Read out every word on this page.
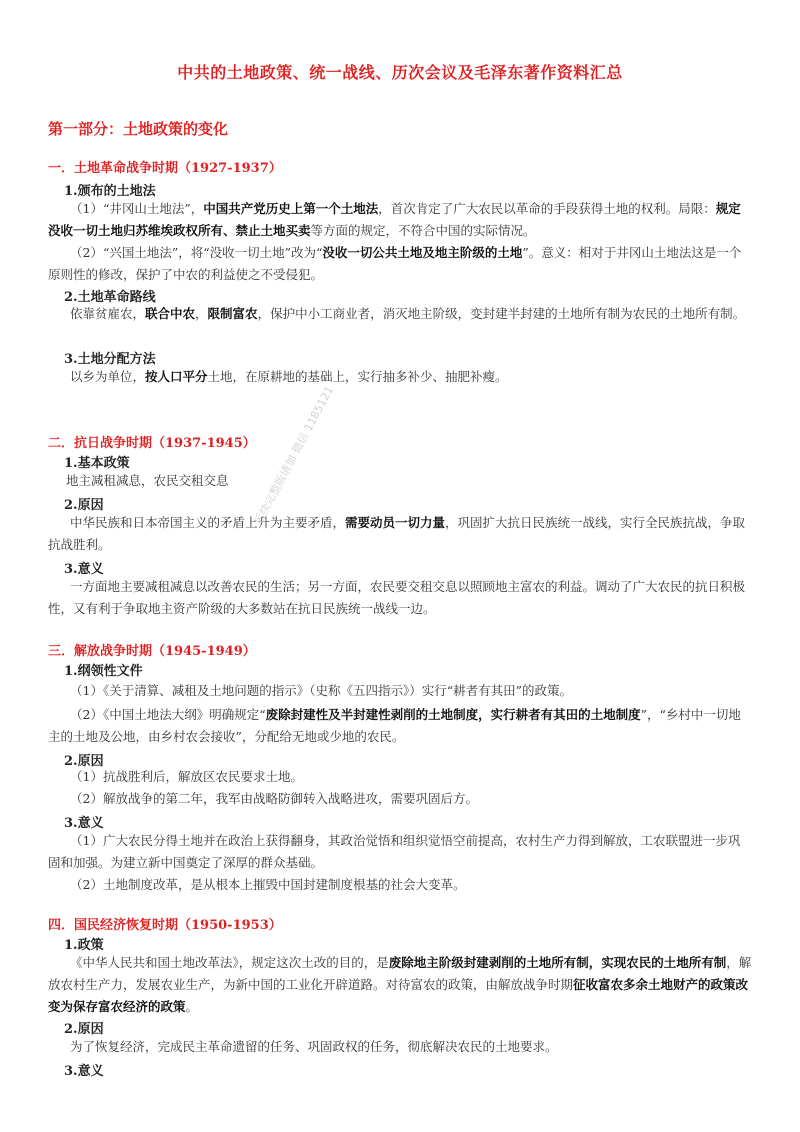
中共的土地政策、统一战线、历次会议及毛泽东著作资料汇总
第一部分：土地政策的变化
一．土地革命战争时期（1927-1937）
1.颁布的土地法
（1）“井冈山土地法”，中国共产党历史上第一个土地法，首次肯定了广大农民以革命的手段获得土地的权利。局限：规定没收一切土地归苏维埃政权所有、禁止土地买卖等方面的规定，不符合中国的实际情况。
（2）“兴国土地法”，将“没收一切土地”改为“没收一切公共土地及地主阶级的土地”。意义：相对于井冈山土地法这是一个原则性的修改，保护了中农的利益使之不受侵犯。
2.土地革命路线
依靠贫雇农，联合中农，限制富农，保护中小工商业者，消灭地主阶级，变封建半封建的土地所有制为农民的土地所有制。
3.土地分配方法
以乡为单位，按人口平分土地，在原耕地的基础上，实行抽多补少、抽肥补瘦。
二．抗日战争时期（1937-1945）
1.基本政策
地主减租减息，农民交租交息
2.原因
中华民族和日本帝国主义的矛盾上升为主要矛盾，需要动员一切力量，巩固扩大抗日民族统一战线，实行全民族抗战，争取抗战胜利。
3.意义
一方面地主要减租减息以改善农民的生活；另一方面，农民要交租交息以照顾地主富农的利益。调动了广大农民的抗日积极性，又有利于争取地主资产阶级的大多数站在抗日民族统一战线一边。
三．解放战争时期（1945-1949）
1.纲领性文件
（1）《关于清算、减租及土地问题的指示》（史称《五四指示》）实行“耕者有其田”的政策。
（2）《中国土地法大纲》明确规定“废除封建性及半封建性剥削的土地制度，实行耕者有其田的土地制度”，“乡村中一切地主的土地及公地，由乡村农会接收”，分配给无地或少地的农民。
2.原因
（1）抗战胜利后，解放区农民要求土地。
（2）解放战争的第二年，我军由战略防御转入战略进攻，需要巩固后方。
3.意义
（1）广大农民分得土地并在政治上获得翻身，其政治觉悟和组织觉悟空前提高，农村生产力得到解放，工农联盟进一步巩固和加强。为建立新中国奠定了深厚的群众基础。
（2）土地制度改革，是从根本上摧毁中国封建制度根基的社会大变革。
四．国民经济恢复时期（1950-1953）
1.政策
《中华人民共和国土地改革法》，规定这次土改的目的，是废除地主阶级封建剥削的土地所有制，实现农民的土地所有制，解放农村生产力，发展农业生产，为新中国的工业化开辟道路。对待富农的政策，由解放战争时期征收富农多余土地财产的政策改变为保存富农经济的政策。
2.原因
为了恢复经济，完成民主革命遗留的任务、巩固政权的任务，彻底解决农民的土地要求。
3.意义
后续完整版请加 微信 1185121
